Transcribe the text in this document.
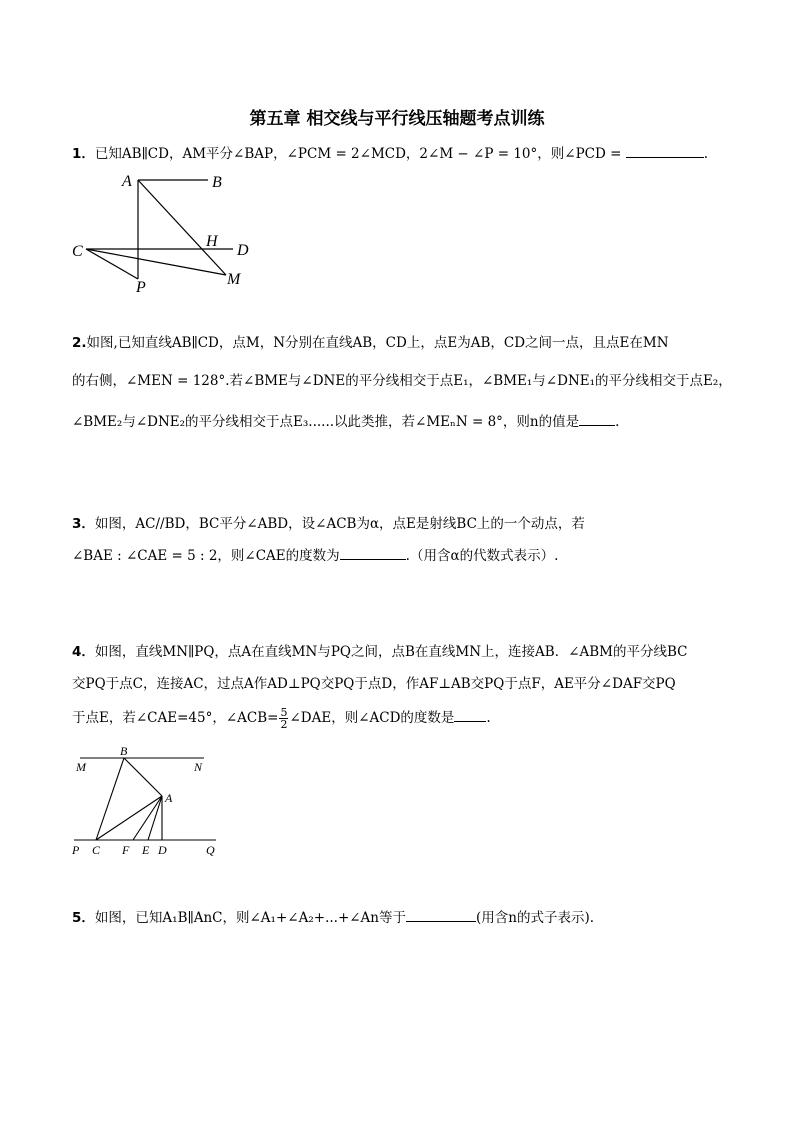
第五章 相交线与平行线压轴题考点训练
1．已知AB∥CD，AM平分∠BAP，∠PCM = 2∠MCD，2∠M − ∠P = 10°，则∠PCD =	.
A	B
C
H
D
P	M
2.如图,已知直线AB∥CD，点M，N分别在直线AB，CD上，点E为AB，CD之间一点，且点E在MN
的右侧，∠MEN = 128°.若∠BME与∠DNE的平分线相交于点E₁，∠BME₁与∠DNE₁的平分线相交于点E₂，
∠BME₂与∠DNE₂的平分线相交于点E₃......以此类推，若∠MEₙN = 8°，则n的值是	.
3．如图，AC//BD，BC平分∠ABD，设∠ACB为α，点E是射线BC上的一个动点，若
∠BAE : ∠CAE = 5 : 2，则∠CAE的度数为	.（用含α的代数式表示）.
4．如图，直线MN∥PQ，点A在直线MN与PQ之间，点B在直线MN上，连接AB．∠ABM的平分线BC
交PQ于点C，连接AC，过点A作AD⊥PQ交PQ于点D，作AF⊥AB交PQ于点F，AE平分∠DAF交PQ
于点E，若∠CAE=45°，∠ACB= $\frac{5}{2}$ ∠DAE，则∠ACD的度数是 .
B
M	N
A
P C F E D	Q
5．如图，已知A₁B∥AnC，则∠A₁+∠A₂+...+∠An等于	(用含n的式子表示).
